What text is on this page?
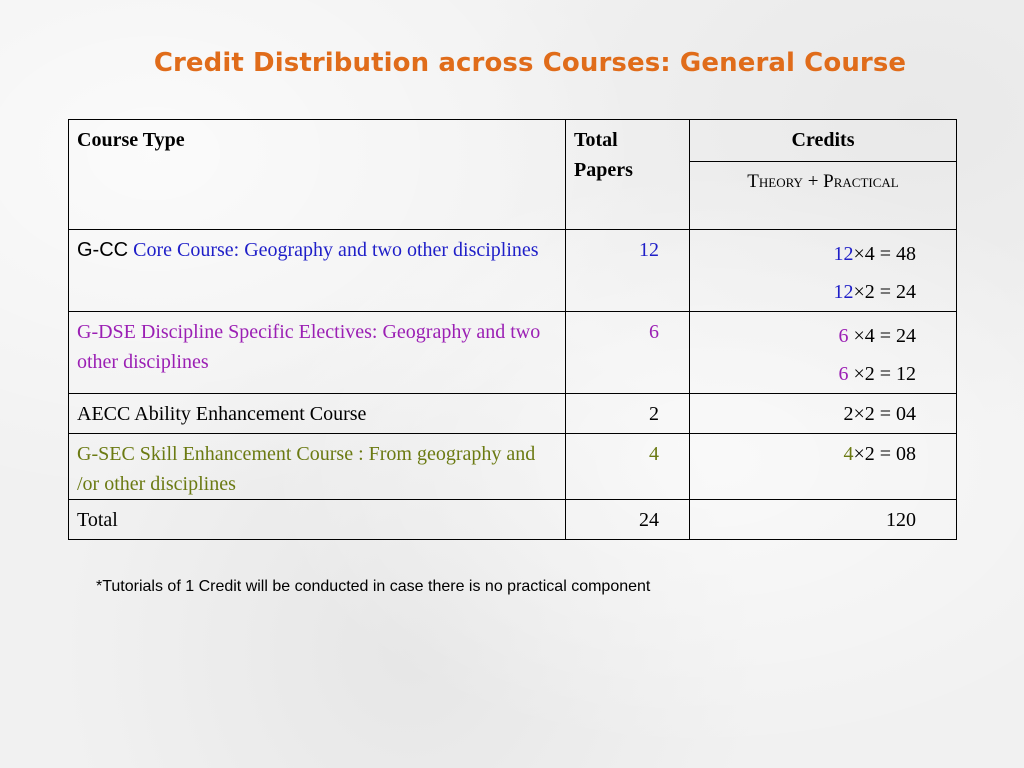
Credit Distribution across Courses: General Course
Course Type	Total Papers	Credits
		Theory + Practical
G-CC Core Course: Geography and two other disciplines	12	12×4 = 48
12×2 = 24

G-DSE Discipline Specific Electives: Geography and two other disciplines	6	6 ×4 = 24
6 ×2 = 12

AECC Ability Enhancement Course	2	2×2 = 04

G-SEC Skill Enhancement Course : From geography and /or other disciplines	4	4×2 = 08

Total	24	120
*Tutorials of 1 Credit will be conducted in case there is no practical component
